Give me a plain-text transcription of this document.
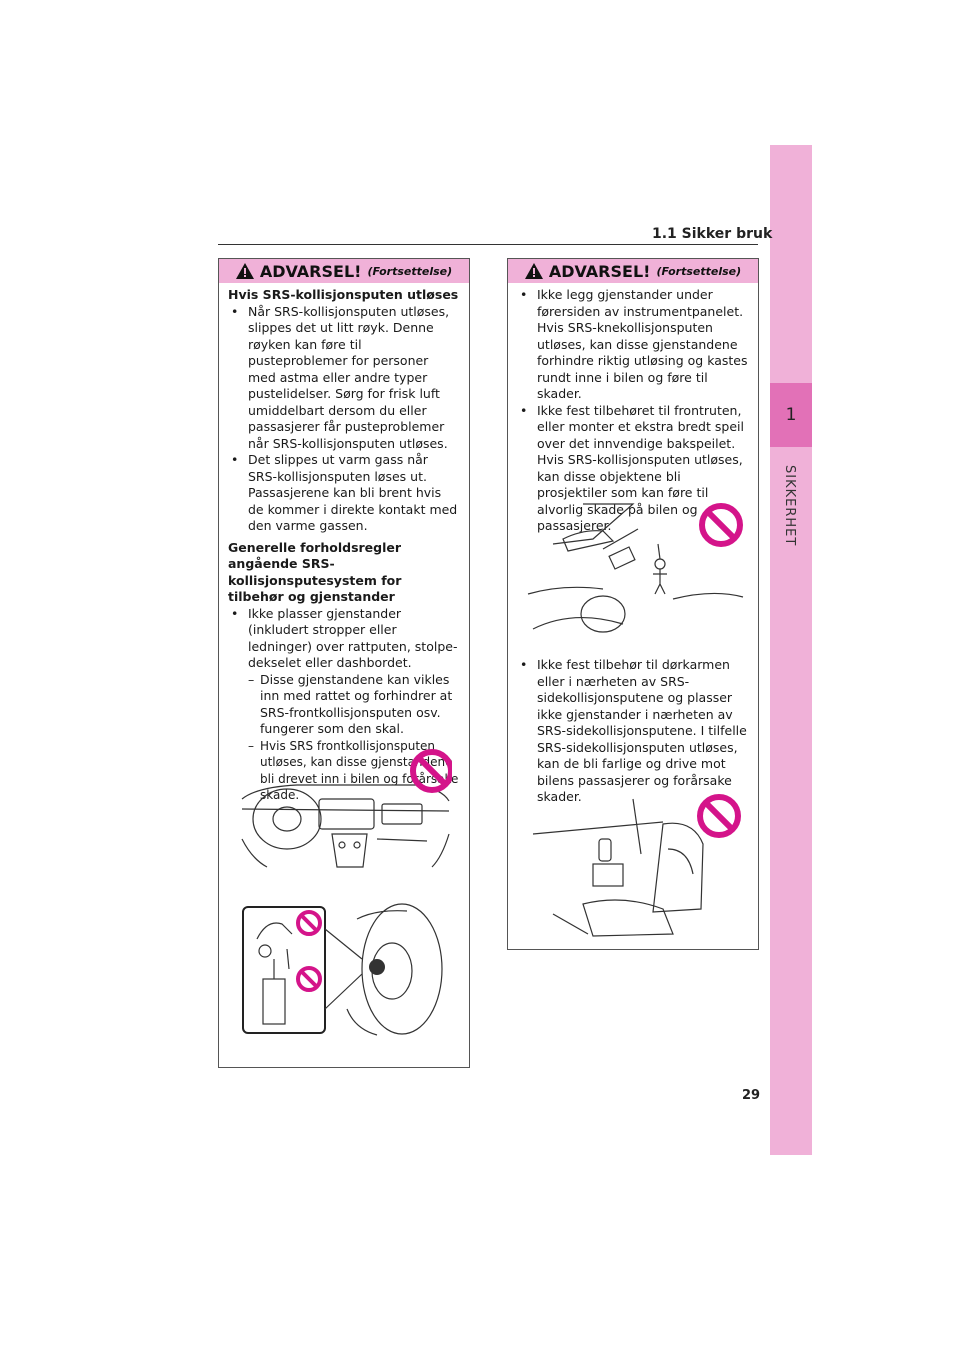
1
SIKKERHET
1.1 Sikker bruk
ADVARSEL! (Fortsettelse)

Hvis SRS-kollisjonsputen utløses

• Når SRS-kollisjonsputen utløses, slippes det ut litt røyk. Denne røyken kan føre til pusteproblemer for personer med astma eller andre typer pustelidelser. Sørg for frisk luft umiddelbart dersom du eller passasjerer får pusteproblemer når SRS-kollisjonsputen utløses.
• Det slippes ut varm gass når SRS-kollisjonsputen løses ut. Passasjerene kan bli brent hvis de kommer i direkte kontakt med den varme gassen.

Generelle forholdsregler angående SRS-kollisjonsputesystem for tilbehør og gjenstander

• Ikke plasser gjenstander (inkludert stropper eller ledninger) over rattputen, stolpe-dekselet eller dashbordet.
– Disse gjenstandene kan vikles inn med rattet og forhindrer at SRS-frontkollisjonsputen osv. fungerer som den skal.
– Hvis SRS frontkollisjonsputen utløses, kan disse gjenstandene bli drevet inn i bilen og forårsake skade.
ADVARSEL! (Fortsettelse)
• Ikke legg gjenstander under førersiden av instrumentpanelet. Hvis SRS-knekollisjonsputen utløses, kan disse gjenstandene forhindre riktig utløsing og kastes rundt inne i bilen og føre til skader.
• Ikke fest tilbehøret til frontruten, eller monter et ekstra bredt speil over det innvendige bakspeilet. Hvis SRS-kollisjonsputen utløses, kan disse objektene bli prosjektiler som kan føre til alvorlig skade på bilen og passasjerer.
• Ikke fest tilbehør til dørkarmen eller i nærheten av SRS-sidekollisjonsputene og plasser ikke gjenstander i nærheten av SRS-sidekollisjonsputene. I tilfelle SRS-sidekollisjonsputen utløses, kan de bli farlige og drive mot bilens passasjerer og forårsake skader.
29
